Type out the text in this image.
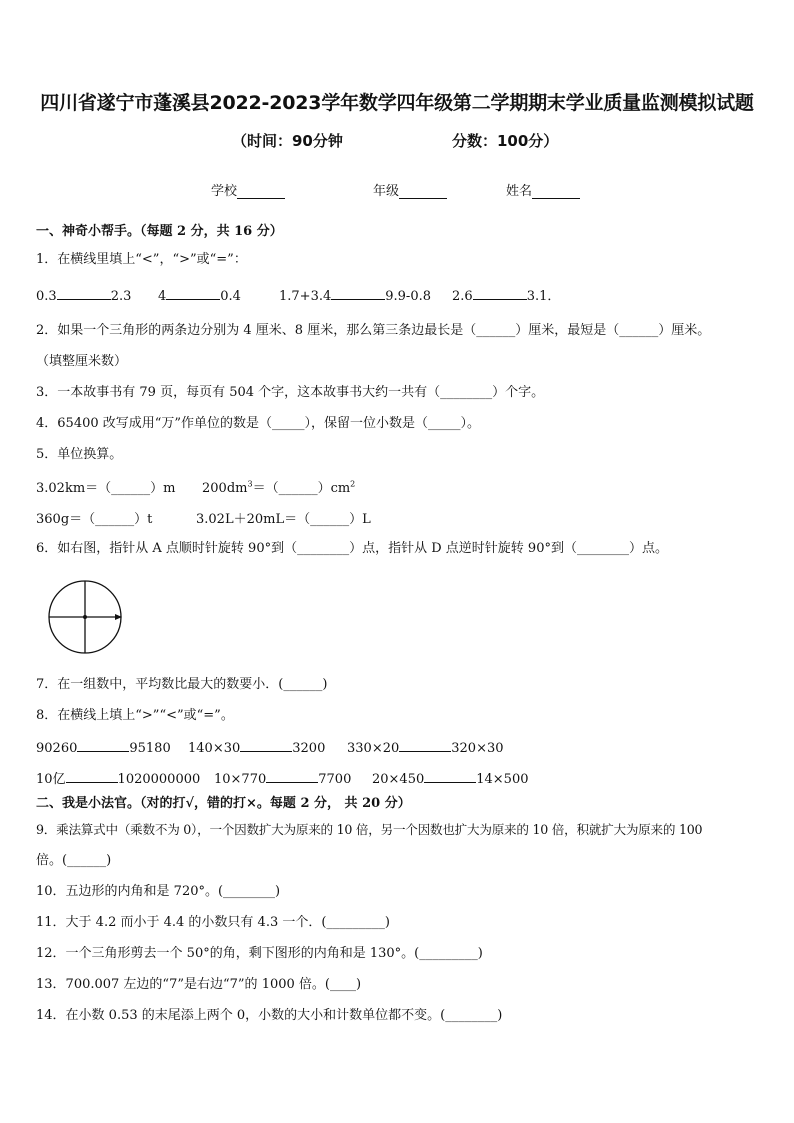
四川省遂宁市蓬溪县2022-2023学年数学四年级第二学期期末学业质量监测模拟试题
（时间：90分钟	分数：100分）
学校	年级	姓名
一、神奇小帮手。（每题 2 分，共 16 分）
1．在横线里填上“<”，“>”或“=”：
0.3	2.3 4	0.4	1.7+3.4	9.9-0.8 2.6	3.1．
2．如果一个三角形的两条边分别为 4 厘米、8 厘米，那么第三条边最长是（______）厘米，最短是（______）厘米。
（填整厘米数）
3．一本故事书有 79 页，每页有 504 个字，这本故事书大约一共有（________）个字。
4．65400 改写成用“万”作单位的数是（_____），保留一位小数是（_____）。
5．单位换算。
3.02km＝（______）m $200dm^3=(\_\_\_\_\_\_)cm^2$
360g＝（______）t	3.02L＋20mL＝（______）L
6．如右图，指针从 A 点顺时针旋转 90°到（________）点，指针从 D 点逆时针旋转 90°到（________）点。
7．在一组数中，平均数比最大的数要小．(______)
8．在横线上填上“>”“<”或“=”。
90260	95180 140×30	3200 330×20	320×30
10亿	1020000000 10×770	7700 20×450	14×500
二、我是小法官。（对的打√，错的打×。每题 2 分， 共 20 分）
9．乘法算式中（乘数不为 0），一个因数扩大为原来的 10 倍，另一个因数也扩大为原来的 10 倍，积就扩大为原来的 100
倍。(______)
10．五边形的内角和是 720°。(________)
11．大于 4.2 而小于 4.4 的小数只有 4.3 一个．(_________)
12．一个三角形剪去一个 50°的角，剩下图形的内角和是 130°。(_________)
13．700.007 左边的“7”是右边“7”的 1000 倍。(____)
14．在小数 0.53 的末尾添上两个 0，小数的大小和计数单位都不变。(________)
